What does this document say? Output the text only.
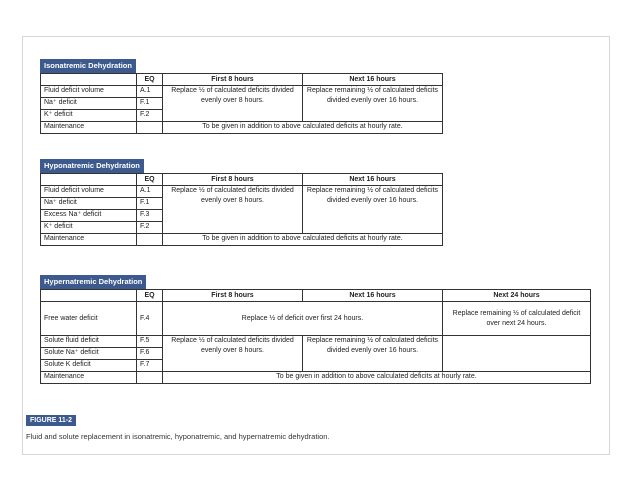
Isonatremic Dehydration
	EQ	First 8 hours	Next 16 hours
Fluid deficit volume	A.1	Replace ½ of calculated deficits divided evenly over 8 hours.	Replace remaining ½ of calculated deficits divided evenly over 16 hours.
Na⁺ deficit	F.1		
K⁺ deficit	F.2		
Maintenance		To be given in addition to above calculated deficits at hourly rate.	
Hyponatremic Dehydration
	EQ	First 8 hours	Next 16 hours
Fluid deficit volume	A.1	Replace ½ of calculated deficits divided evenly over 8 hours.	Replace remaining ½ of calculated deficits divided evenly over 16 hours.
Na⁺ deficit	F.1		
Excess Na⁺ deficit	F.3		
K⁺ deficit	F.2		
Maintenance		To be given in addition to above calculated deficits at hourly rate.	
Hypernatremic Dehydration
	EQ	First 8 hours	Next 16 hours	Next 24 hours
Free water deficit	F.4	Replace ½ of deficit over first 24 hours.		Replace remaining ½ of calculated deficit over next 24 hours.
Solute fluid deficit	F.5	Replace ½ of calculated deficits divided evenly over 8 hours.	Replace remaining ½ of calculated deficits divided evenly over 16 hours.	
Solute Na⁺ deficit	F.6			
Solute K deficit	F.7			
Maintenance		To be given in addition to above calculated deficits at hourly rate.		
FIGURE 11-2
Fluid and solute replacement in isonatremic, hyponatremic, and hypernatremic dehydration.
